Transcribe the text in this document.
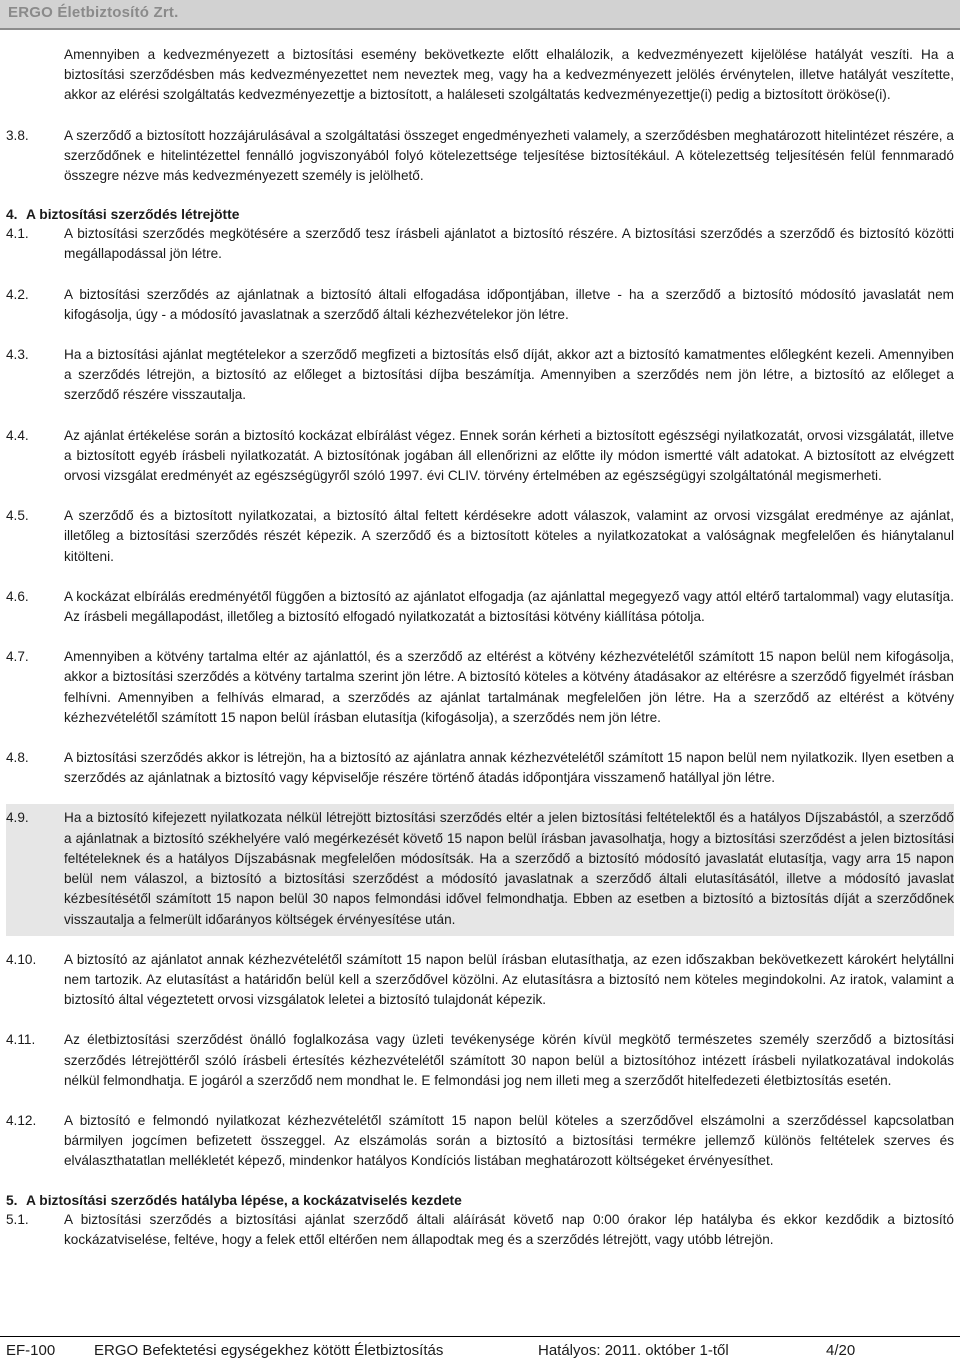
ERGO Életbiztosító Zrt.

Amennyiben a kedvezményezett a biztosítási esemény bekövetkezte előtt elhalálozik, a kedvezményezett kijelölése hatályát veszíti. Ha a biztosítási szerződésben más kedvezményezettet nem neveztek meg, vagy ha a kedvezményezett jelölés érvénytelen, illetve hatályát veszítette, akkor az elérési szolgáltatás kedvezményezettje a biztosított, a haláleseti szolgáltatás kedvezményezettje(i) pedig a biztosított örököse(i).

3.8.	A szerződő a biztosított hozzájárulásával a szolgáltatási összeget engedményezheti valamely, a szerződésben meghatározott hitelintézet részére, a szerződőnek e hitelintézettel fennálló jogviszonyából folyó kötelezettsége teljesítése biztosítékául. A kötelezettség teljesítésén felül fennmaradó összegre nézve más kedvezményezett személy is jelölhető.
4. A biztosítási szerződés létrejötte
4.1.	A biztosítási szerződés megkötésére a szerződő tesz írásbeli ajánlatot a biztosító részére. A biztosítási szerződés a szerződő és biztosító közötti megállapodással jön létre.
4.2.	A biztosítási szerződés az ajánlatnak a biztosító általi elfogadása időpontjában, illetve - ha a szerződő a biztosító módosító javaslatát nem kifogásolja, úgy - a módosító javaslatnak a szerződő általi kézhezvételekor jön létre.
4.3.	Ha a biztosítási ajánlat megtételekor a szerződő megfizeti a biztosítás első díját, akkor azt a biztosító kamatmentes előlegként kezeli. Amennyiben a szerződés létrejön, a biztosító az előleget a biztosítási díjba beszámítja. Amennyiben a szerződés nem jön létre, a biztosító az előleget a szerződő részére visszautalja.
4.4.	Az ajánlat értékelése során a biztosító kockázat elbírálást végez. Ennek során kérheti a biztosított egészségi nyilatkozatát, orvosi vizsgálatát, illetve a biztosított egyéb írásbeli nyilatkozatát. A biztosítónak jogában áll ellenőrizni az előtte ily módon ismertté vált adatokat. A biztosított az elvégzett orvosi vizsgálat eredményét az egészségügyről szóló 1997. évi CLIV. törvény értelmében az egészségügyi szolgáltatónál megismerheti.
4.5.	A szerződő és a biztosított nyilatkozatai, a biztosító által feltett kérdésekre adott válaszok, valamint az orvosi vizsgálat eredménye az ajánlat, illetőleg a biztosítási szerződés részét képezik. A szerződő és a biztosított köteles a nyilatkozatokat a valóságnak megfelelően és hiánytalanul kitölteni.
4.6.	A kockázat elbírálás eredményétől függően a biztosító az ajánlatot elfogadja (az ajánlattal megegyező vagy attól eltérő tartalommal) vagy elutasítja. Az írásbeli megállapodást, illetőleg a biztosító elfogadó nyilatkozatát a biztosítási kötvény kiállítása pótolja.
4.7.	Amennyiben a kötvény tartalma eltér az ajánlattól, és a szerződő az eltérést a kötvény kézhezvételétől számított 15 napon belül nem kifogásolja, akkor a biztosítási szerződés a kötvény tartalma szerint jön létre. A biztosító köteles a kötvény átadásakor az eltérésre a szerződő figyelmét írásban felhívni. Amennyiben a felhívás elmarad, a szerződés az ajánlat tartalmának megfelelően jön létre. Ha a szerződő az eltérést a kötvény kézhezvételétől számított 15 napon belül írásban elutasítja (kifogásolja), a szerződés nem jön létre.
4.8.	A biztosítási szerződés akkor is létrejön, ha a biztosító az ajánlatra annak kézhezvételétől számított 15 napon belül nem nyilatkozik. Ilyen esetben a szerződés az ajánlatnak a biztosító vagy képviselője részére történő átadás időpontjára visszamenő hatállyal jön létre.
4.9.	Ha a biztosító kifejezett nyilatkozata nélkül létrejött biztosítási szerződés eltér a jelen biztosítási feltételektől és a hatályos Díjszabástól, a szerződő a ajánlatnak a biztosító székhelyére való megérkezését követő 15 napon belül írásban javasolhatja, hogy a biztosítási szerződést a jelen biztosítási feltételeknek és a hatályos Díjszabásnak megfelelően módosítsák. Ha a szerződő a biztosító módosító javaslatát elutasítja, vagy arra 15 napon belül nem válaszol, a biztosító a biztosítási szerződést a módosító javaslatnak a szerződő általi elutasításától, illetve a módosító javaslat kézbesítésétől számított 15 napon belül 30 napos felmondási idővel felmondhatja. Ebben az esetben a biztosító a biztosítás díját a szerződőnek visszautalja a felmerült időarányos költségek érvényesítése után.
4.10.	A biztosító az ajánlatot annak kézhezvételétől számított 15 napon belül írásban elutasíthatja, az ezen időszakban bekövetkezett károkért helytállni nem tartozik. Az elutasítást a határidőn belül kell a szerződővel közölni. Az elutasításra a biztosító nem köteles megindokolni. Az iratok, valamint a biztosító által végeztetett orvosi vizsgálatok leletei a biztosító tulajdonát képezik.
4.11.	Az életbiztosítási szerződést önálló foglalkozása vagy üzleti tevékenysége körén kívül megkötő természetes személy szerződő a biztosítási szerződés létrejöttéről szóló írásbeli értesítés kézhezvételétől számított 30 napon belül a biztosítóhoz intézett írásbeli nyilatkozatával indokolás nélkül felmondhatja. E jogáról a szerződő nem mondhat le. E felmondási jog nem illeti meg a szerződőt hitelfedezeti életbiztosítás esetén.
4.12.	A biztosító e felmondó nyilatkozat kézhezvételétől számított 15 napon belül köteles a szerződővel elszámolni a szerződéssel kapcsolatban bármilyen jogcímen befizetett összeggel. Az elszámolás során a biztosító a biztosítási termékre jellemző különös feltételek szerves és elválaszthatatlan mellékletét képező, mindenkor hatályos Kondíciós listában meghatározott költségeket érvényesíthet.
5. A biztosítási szerződés hatályba lépése, a kockázatviselés kezdete
5.1.	A biztosítási szerződés a biztosítási ajánlat szerződő általi aláírását követő nap 0:00 órakor lép hatályba és ekkor kezdődik a biztosító kockázatviselése, feltéve, hogy a felek ettől eltérően nem állapodtak meg és a szerződés létrejött, vagy utóbb létrejön.
EF-100	ERGO Befektetési egységekhez kötött Életbiztosítás	Hatályos: 2011. október 1-től	4/20
